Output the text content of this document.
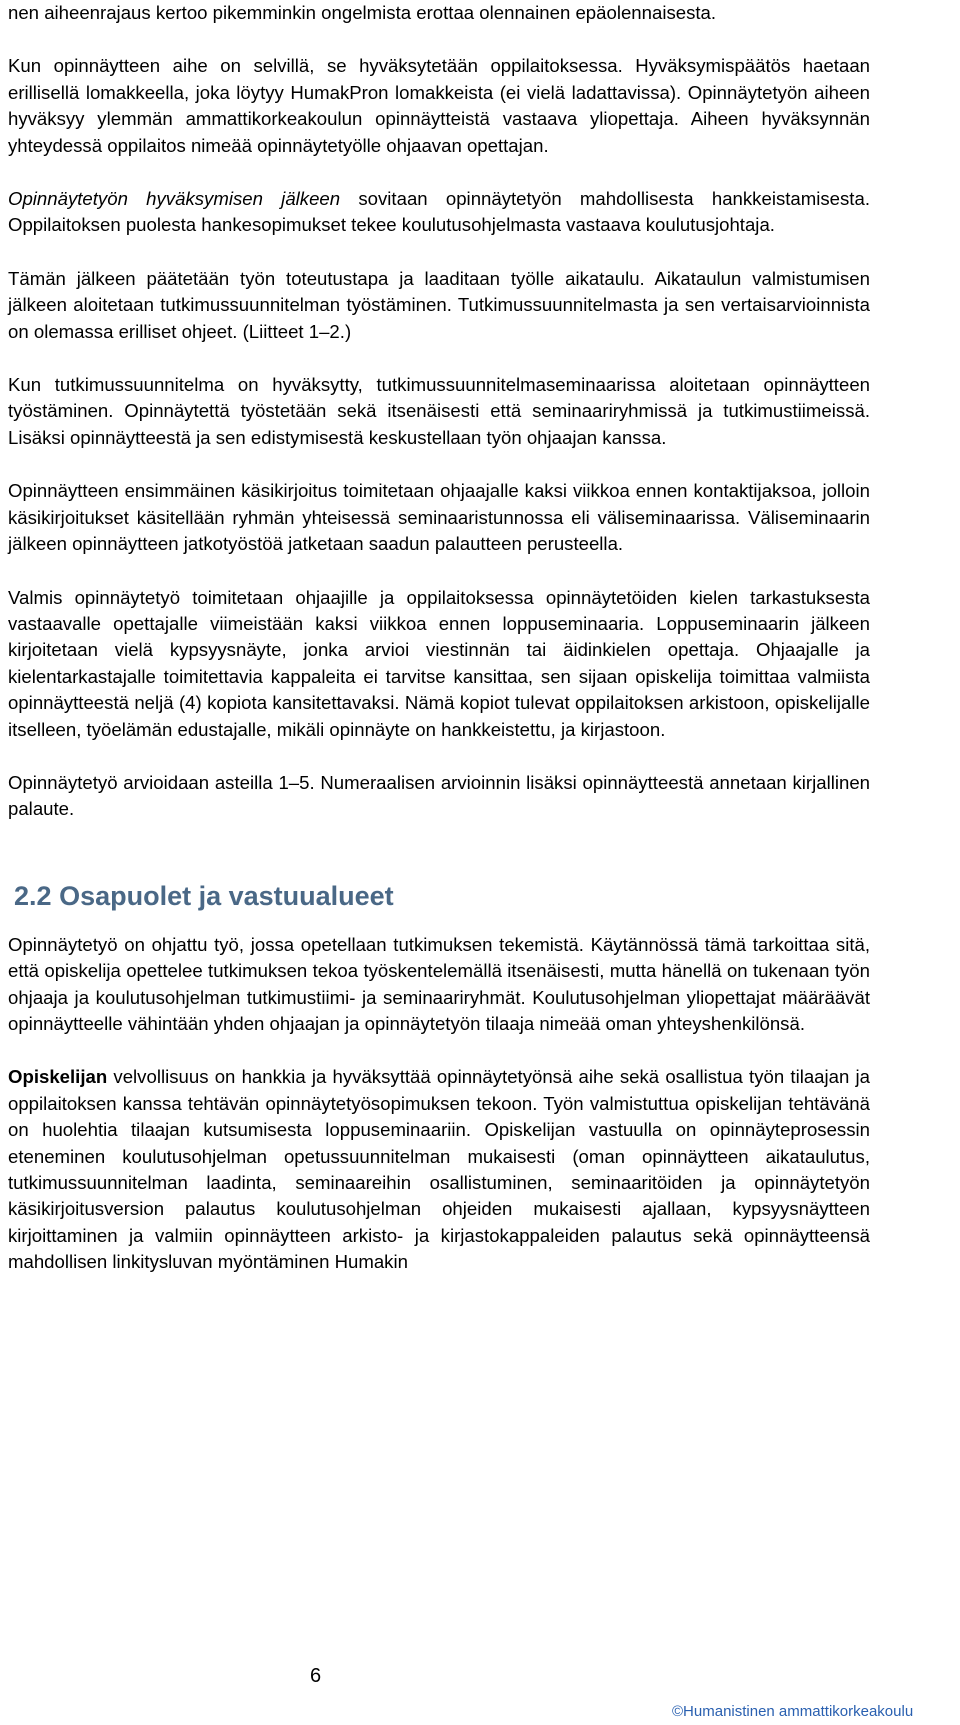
nen aiheenrajaus kertoo pikemminkin ongelmista erottaa olennainen epäolennaisesta.

Kun opinnäytteen aihe on selvillä, se hyväksytetään oppilaitoksessa. Hyväksymispäätös haetaan erillisellä lomakkeella, joka löytyy HumakPron lomakkeista (ei vielä ladattavissa). Opinnäytetyön aiheen hyväksyy ylemmän ammattikorkeakoulun opinnäytteistä vastaava yliopettaja. Aiheen hyväksynnän yhteydessä oppilaitos nimeää opinnäytetyölle ohjaavan opettajan.

Opinnäytetyön hyväksymisen jälkeen sovitaan opinnäytetyön mahdollisesta hankkeistamisesta. Oppilaitoksen puolesta hankesopimukset tekee koulutusohjelmasta vastaava koulutusjohtaja.

Tämän jälkeen päätetään työn toteutustapa ja laaditaan työlle aikataulu. Aikataulun valmistumisen jälkeen aloitetaan tutkimussuunnitelman työstäminen. Tutkimussuunnitelmasta ja sen vertaisarvioinnista on olemassa erilliset ohjeet. (Liitteet 1–2.)

Kun tutkimussuunnitelma on hyväksytty, tutkimussuunnitelmaseminaarissa aloitetaan opinnäytteen työstäminen. Opinnäytettä työstetään sekä itsenäisesti että seminaariryhmissä ja tutkimustiimeissä. Lisäksi opinnäytteestä ja sen edistymisestä keskustellaan työn ohjaajan kanssa.

Opinnäytteen ensimmäinen käsikirjoitus toimitetaan ohjaajalle kaksi viikkoa ennen kontaktijaksoa, jolloin käsikirjoitukset käsitellään ryhmän yhteisessä seminaaristunnossa eli väliseminaarissa. Väliseminaarin jälkeen opinnäytteen jatkotyöstöä jatketaan saadun palautteen perusteella.

Valmis opinnäytetyö toimitetaan ohjaajille ja oppilaitoksessa opinnäytetöiden kielen tarkastuksesta vastaavalle opettajalle viimeistään kaksi viikkoa ennen loppuseminaaria. Loppuseminaarin jälkeen kirjoitetaan vielä kypsyysnäyte, jonka arvioi viestinnän tai äidinkielen opettaja. Ohjaajalle ja kielentarkastajalle toimitettavia kappaleita ei tarvitse kansittaa, sen sijaan opiskelija toimittaa valmiista opinnäytteestä neljä (4) kopiota kansitettavaksi. Nämä kopiot tulevat oppilaitoksen arkistoon, opiskelijalle itselleen, työelämän edustajalle, mikäli opinnäyte on hankkeistettu, ja kirjastoon.

Opinnäytetyö arvioidaan asteilla 1–5. Numeraalisen arvioinnin lisäksi opinnäytteestä annetaan kirjallinen palaute.

2.2 Osapuolet ja vastuualueet

Opinnäytetyö on ohjattu työ, jossa opetellaan tutkimuksen tekemistä. Käytännössä tämä tarkoittaa sitä, että opiskelija opettelee tutkimuksen tekoa työskentelemällä itsenäisesti, mutta hänellä on tukenaan työn ohjaaja ja koulutusohjelman tutkimustiimi- ja seminaariryhmät. Koulutusohjelman yliopettajat määräävät opinnäytteelle vähintään yhden ohjaajan ja opinnäytetyön tilaaja nimeää oman yhteyshenkilönsä.

Opiskelijan velvollisuus on hankkia ja hyväksyttää opinnäytetyönsä aihe sekä osallistua työn tilaajan ja oppilaitoksen kanssa tehtävän opinnäytetyösopimuksen tekoon. Työn valmistuttua opiskelijan tehtävänä on huolehtia tilaajan kutsumisesta loppuseminaariin. Opiskelijan vastuulla on opinnäyteprosessin eteneminen koulutusohjelman opetussuunnitelman mukaisesti (oman opinnäytteen aikataulutus, tutkimussuunnitelman laadinta, seminaareihin osallistuminen, seminaaritöiden ja opinnäytetyön käsikirjoitusversion palautus koulutusohjelman ohjeiden mukaisesti ajallaan, kypsyysnäytteen kirjoittaminen ja valmiin opinnäytteen arkisto- ja kirjastokappaleiden palautus sekä opinnäytteensä mahdollisen linkitysluvan myöntäminen Humakin

6
©Humanistinen ammattikorkeakoulu
